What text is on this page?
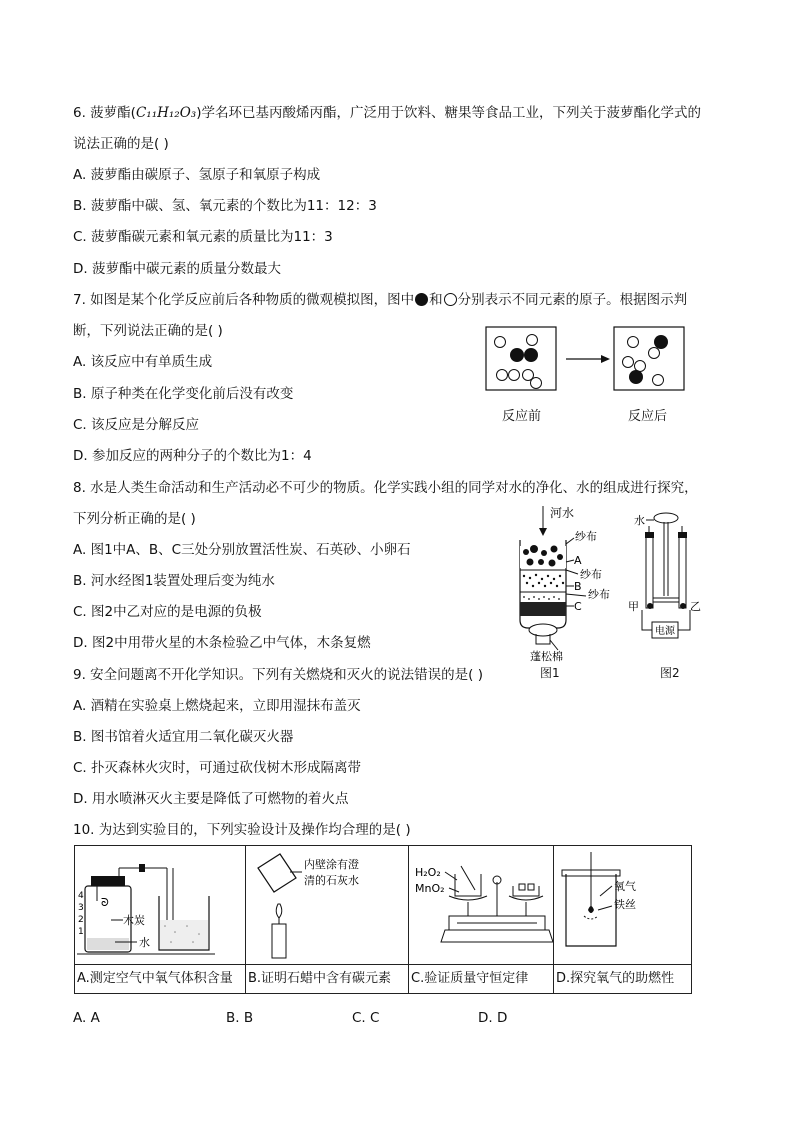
6. 菠萝酯(C₁₁H₁₂O₃)学名环已基丙酸烯丙酯，广泛用于饮料、糖果等食品工业，下列关于菠萝酯化学式的
说法正确的是( )
A. 菠萝酯由碳原子、氢原子和氧原子构成
B. 菠萝酯中碳、氢、氧元素的个数比为11：12：3
C. 菠萝酯碳元素和氧元素的质量比为11：3
D. 菠萝酯中碳元素的质量分数最大
7. 如图是某个化学反应前后各种物质的微观模拟图，图中 和 分别表示不同元素的原子。根据图示判
断，下列说法正确的是( )
A. 该反应中有单质生成
B. 原子种类在化学变化前后没有改变
C. 该反应是分解反应
D. 参加反应的两种分子的个数比为1：4
反应前	反应后
8. 水是人类生命活动和生产活动必不可少的物质。化学实践小组的同学对水的净化、水的组成进行探究，
下列分析正确的是( )
A. 图1中A、B、C三处分别放置活性炭、石英砂、小卵石
B. 河水经图1装置处理后变为纯水
C. 图2中乙对应的是电源的负极
D. 图2中用带火星的木条检验乙中气体，木条复燃
河水
纱布
A
纱布
B
纱布
C
蓬松棉
图1
水
甲	乙
电源
图2
9. 安全问题离不开化学知识。下列有关燃烧和灭火的说法错误的是( )
A. 酒精在实验桌上燃烧起来，立即用湿抹布盖灭
B. 图书馆着火适宜用二氧化碳灭火器
C. 扑灭森林火灾时，可通过砍伐树木形成隔离带
D. 用水喷淋灭火主要是降低了可燃物的着火点
10. 为达到实验目的，下列实验设计及操作均合理的是( )
ᘐ
4
3
2
1
木炭
水
A.测定空气中氧气体积含量

内壁涂有澄
清的石灰水
B.证明石蜡中含有碳元素

H₂O₂
MnO₂
C.验证质量守恒定律

氧气
铁丝
D.探究氧气的助燃性
A. A	B. B	C. C	D. D
